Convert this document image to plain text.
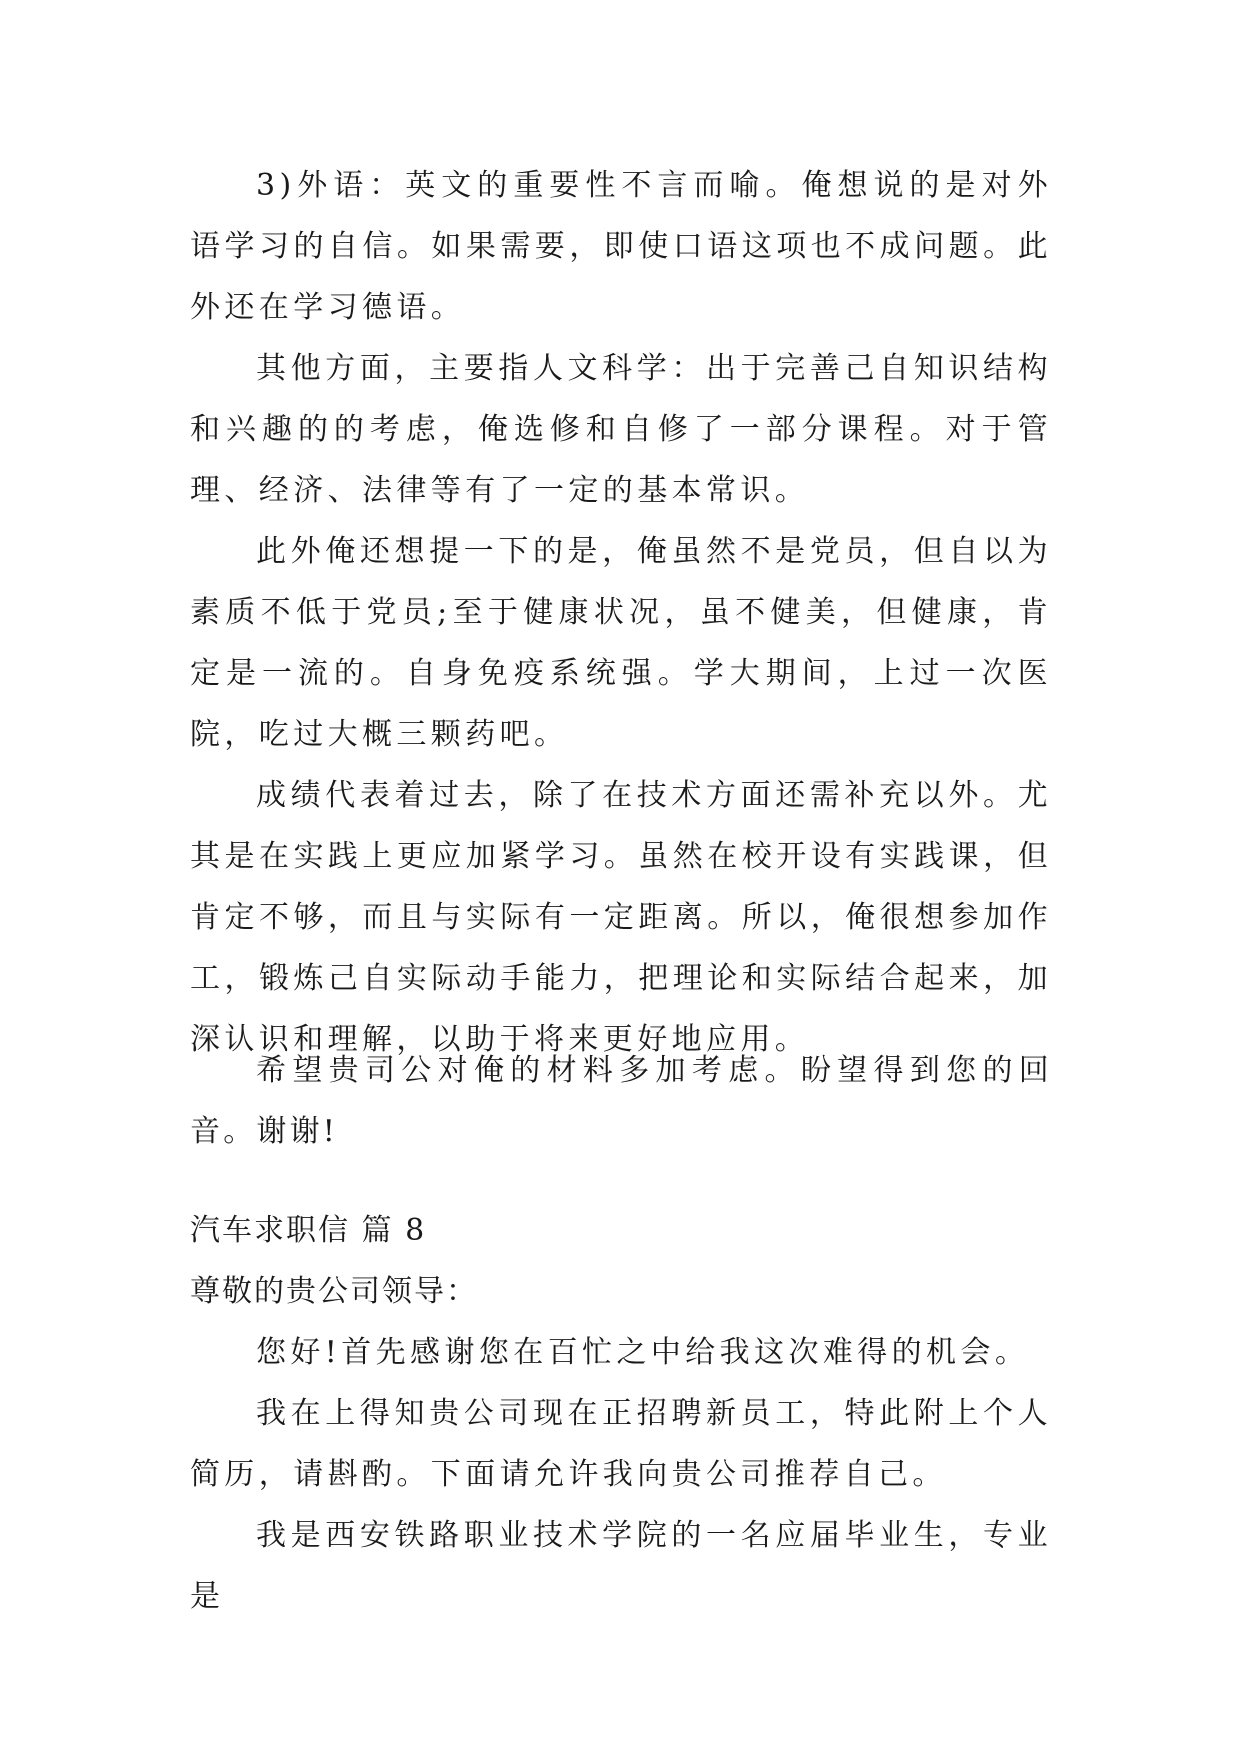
3)外语：英文的重要性不言而喻。俺想说的是对外语学习的自信。如果需要，即使口语这项也不成问题。此外还在学习德语。

其他方面，主要指人文科学：出于完善己自知识结构和兴趣的的考虑，俺选修和自修了一部分课程。对于管理、经济、法律等有了一定的基本常识。

此外俺还想提一下的是，俺虽然不是党员，但自以为素质不低于党员;至于健康状况，虽不健美，但健康，肯定是一流的。自身免疫系统强。学大期间，上过一次医院，吃过大概三颗药吧。

成绩代表着过去，除了在技术方面还需补充以外。尤其是在实践上更应加紧学习。虽然在校开设有实践课，但肯定不够，而且与实际有一定距离。所以，俺很想参加作工，锻炼己自实际动手能力，把理论和实际结合起来，加深认识和理解，以助于将来更好地应用。

希望贵司公对俺的材料多加考虑。盼望得到您的回音。谢谢!

汽车求职信 篇 8

尊敬的贵公司领导：

您好!首先感谢您在百忙之中给我这次难得的机会。

我在上得知贵公司现在正招聘新员工，特此附上个人简历，请斟酌。下面请允许我向贵公司推荐自己。

我是西安铁路职业技术学院的一名应届毕业生，专业是
